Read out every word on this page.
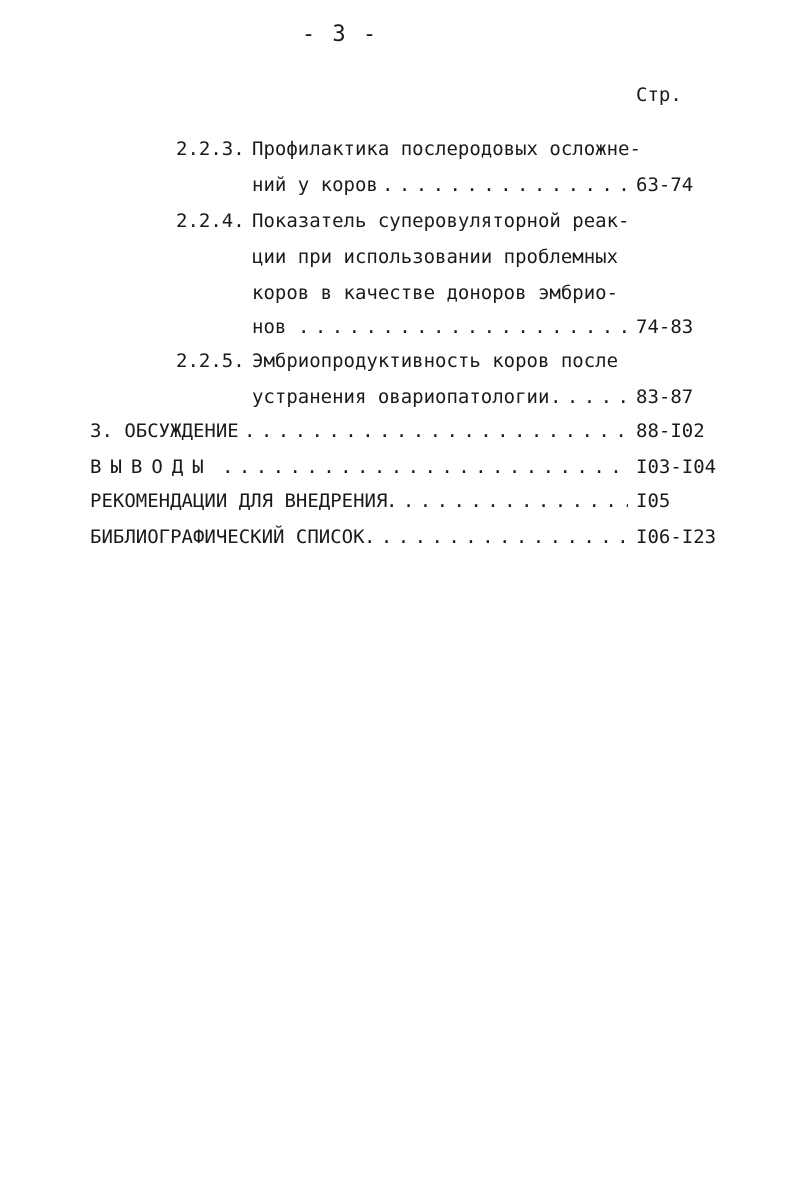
- 3 -
Стр.
2.2.3. Профилактика послеродовых осложне-
ний у коров . . .	63-74
2.2.4. Показатель суперовуляторной реак-
ции при использовании проблемных
коров в качестве доноров эмбрио-
нов . . .	74-83
2.2.5. Эмбриопродуктивность коров после
устранения овариопатологии . . .	83-87
3. ОБСУЖДЕНИЕ . . .	88-I02
ВЫВОДЫ . . .	I03-I04
РЕКОМЕНДАЦИИ ДЛЯ ВНЕДРЕНИЯ . . .	I05
БИБЛИОГРАФИЧЕСКИЙ СПИСОК . . .	I06-I23
